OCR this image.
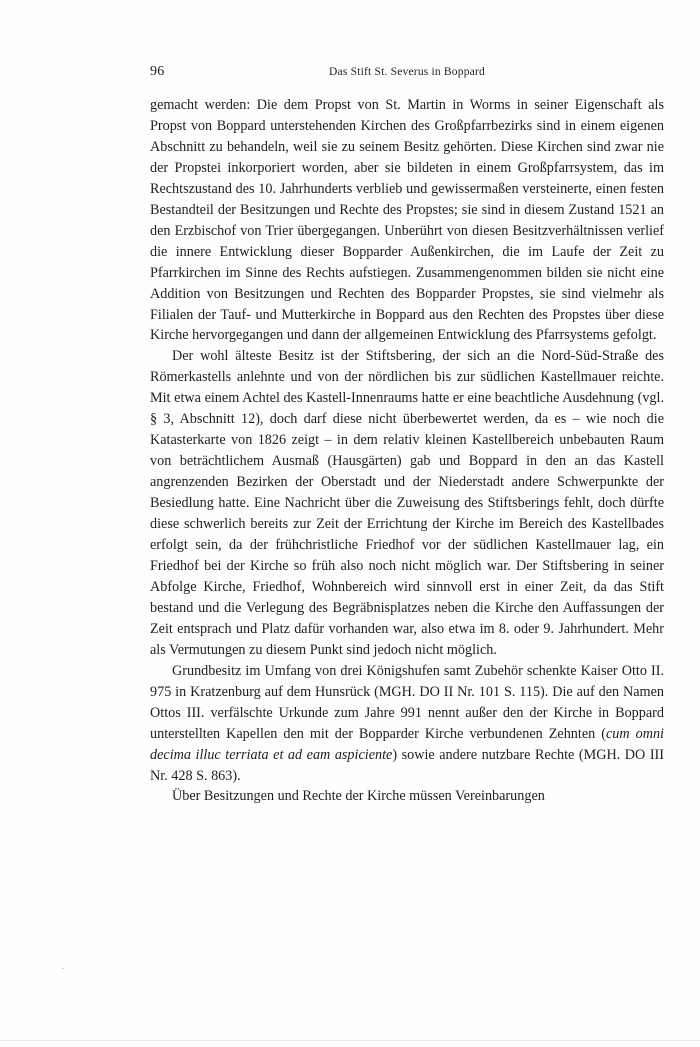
96	Das Stift St. Severus in Boppard

gemacht werden: Die dem Propst von St. Martin in Worms in seiner Eigenschaft als Propst von Boppard unterstehenden Kirchen des Großpfarrbezirks sind in einem eigenen Abschnitt zu behandeln, weil sie zu seinem Besitz gehörten. Diese Kirchen sind zwar nie der Propstei inkorporiert worden, aber sie bildeten in einem Großpfarrsystem, das im Rechtszustand des 10. Jahrhunderts verblieb und gewissermaßen versteinerte, einen festen Bestandteil der Besitzungen und Rechte des Propstes; sie sind in diesem Zustand 1521 an den Erzbischof von Trier übergegangen. Unberührt von diesen Besitzverhältnissen verlief die innere Entwicklung dieser Bopparder Außenkirchen, die im Laufe der Zeit zu Pfarrkirchen im Sinne des Rechts aufstiegen. Zusammengenommen bilden sie nicht eine Addition von Besitzungen und Rechten des Bopparder Propstes, sie sind vielmehr als Filialen der Tauf- und Mutterkirche in Boppard aus den Rechten des Propstes über diese Kirche hervorgegangen und dann der allgemeinen Entwicklung des Pfarrsystems gefolgt.

Der wohl älteste Besitz ist der Stiftsbering, der sich an die Nord-Süd-Straße des Römerkastells anlehnte und von der nördlichen bis zur südlichen Kastellmauer reichte. Mit etwa einem Achtel des Kastell-Innenraums hatte er eine beachtliche Ausdehnung (vgl. § 3, Abschnitt 12), doch darf diese nicht überbewertet werden, da es – wie noch die Katasterkarte von 1826 zeigt – in dem relativ kleinen Kastellbereich unbebauten Raum von beträchtlichem Ausmaß (Hausgärten) gab und Boppard in den an das Kastell angrenzenden Bezirken der Oberstadt und der Niederstadt andere Schwerpunkte der Besiedlung hatte. Eine Nachricht über die Zuweisung des Stiftsberings fehlt, doch dürfte diese schwerlich bereits zur Zeit der Errichtung der Kirche im Bereich des Kastellbades erfolgt sein, da der frühchristliche Friedhof vor der südlichen Kastellmauer lag, ein Friedhof bei der Kirche so früh also noch nicht möglich war. Der Stiftsbering in seiner Abfolge Kirche, Friedhof, Wohnbereich wird sinnvoll erst in einer Zeit, da das Stift bestand und die Verlegung des Begräbnisplatzes neben die Kirche den Auffassungen der Zeit entsprach und Platz dafür vorhanden war, also etwa im 8. oder 9. Jahrhundert. Mehr als Vermutungen zu diesem Punkt sind jedoch nicht möglich.

Grundbesitz im Umfang von drei Königshufen samt Zubehör schenkte Kaiser Otto II. 975 in Kratzenburg auf dem Hunsrück (MGH. DO II Nr. 101 S. 115). Die auf den Namen Ottos III. verfälschte Urkunde zum Jahre 991 nennt außer den der Kirche in Boppard unterstellten Kapellen den mit der Bopparder Kirche verbundenen Zehnten (cum omni decima illuc terriata et ad eam aspiciente) sowie andere nutzbare Rechte (MGH. DO III Nr. 428 S. 863).

Über Besitzungen und Rechte der Kirche müssen Vereinbarungen
